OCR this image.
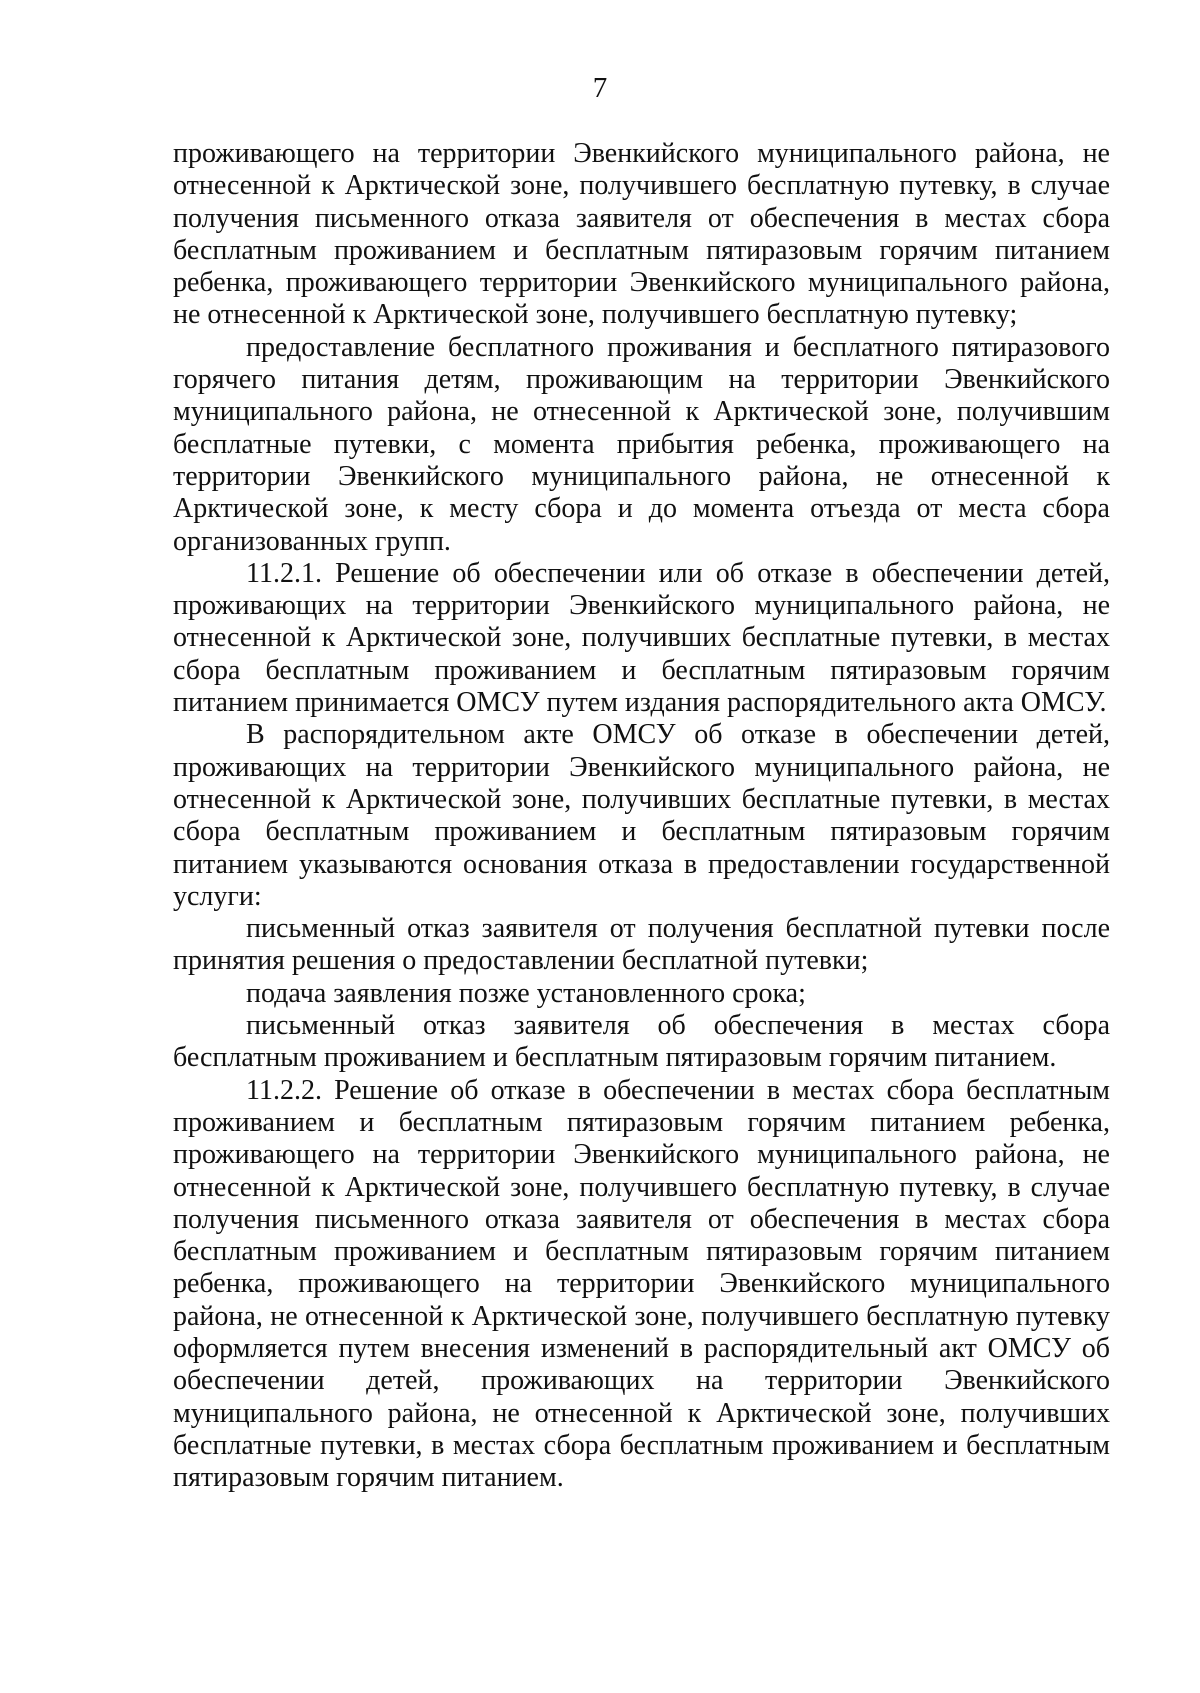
7

проживающего на территории Эвенкийского муниципального района, не отнесенной к Арктической зоне, получившего бесплатную путевку, в случае получения письменного отказа заявителя от обеспечения в местах сбора бесплатным проживанием и бесплатным пятиразовым горячим питанием ребенка, проживающего территории Эвенкийского муниципального района, не отнесенной к Арктической зоне, получившего бесплатную путевку;

предоставление бесплатного проживания и бесплатного пятиразового горячего питания детям, проживающим на территории Эвенкийского муниципального района, не отнесенной к Арктической зоне, получившим бесплатные путевки, с момента прибытия ребенка, проживающего на территории Эвенкийского муниципального района, не отнесенной к Арктической зоне, к месту сбора и до момента отъезда от места сбора организованных групп.

11.2.1. Решение об обеспечении или об отказе в обеспечении детей, проживающих на территории Эвенкийского муниципального района, не отнесенной к Арктической зоне, получивших бесплатные путевки, в местах сбора бесплатным проживанием и бесплатным пятиразовым горячим питанием принимается ОМСУ путем издания распорядительного акта ОМСУ.

В распорядительном акте ОМСУ об отказе в обеспечении детей, проживающих на территории Эвенкийского муниципального района, не отнесенной к Арктической зоне, получивших бесплатные путевки, в местах сбора бесплатным проживанием и бесплатным пятиразовым горячим питанием указываются основания отказа в предоставлении государственной услуги:

письменный отказ заявителя от получения бесплатной путевки после принятия решения о предоставлении бесплатной путевки;

подача заявления позже установленного срока;

письменный отказ заявителя об обеспечения в местах сбора бесплатным проживанием и бесплатным пятиразовым горячим питанием.

11.2.2. Решение об отказе в обеспечении в местах сбора бесплатным проживанием и бесплатным пятиразовым горячим питанием ребенка, проживающего на территории Эвенкийского муниципального района, не отнесенной к Арктической зоне, получившего бесплатную путевку, в случае получения письменного отказа заявителя от обеспечения в местах сбора бесплатным проживанием и бесплатным пятиразовым горячим питанием ребенка, проживающего на территории Эвенкийского муниципального района, не отнесенной к Арктической зоне, получившего бесплатную путевку оформляется путем внесения изменений в распорядительный акт ОМСУ об обеспечении детей, проживающих на территории Эвенкийского муниципального района, не отнесенной к Арктической зоне, получивших бесплатные путевки, в местах сбора бесплатным проживанием и бесплатным пятиразовым горячим питанием.
